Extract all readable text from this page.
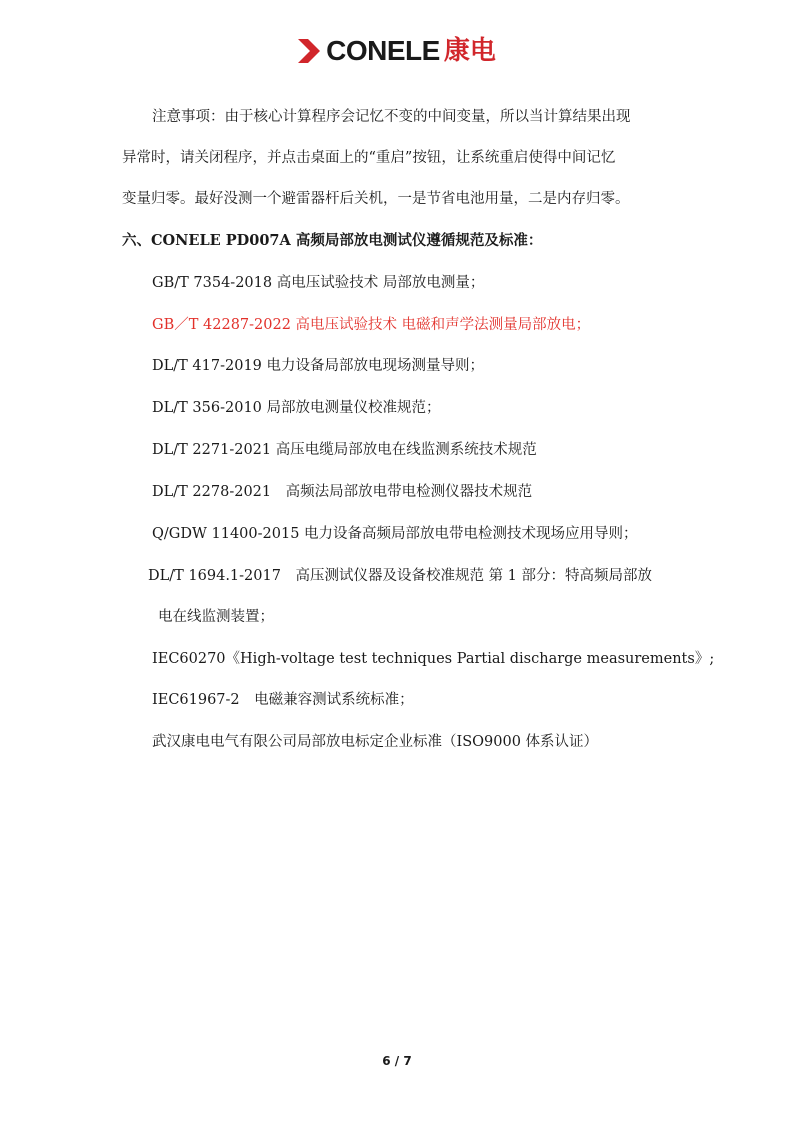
CONELE 康电
注意事项：由于核心计算程序会记忆不变的中间变量，所以当计算结果出现
异常时，请关闭程序，并点击桌面上的“重启”按钮，让系统重启使得中间记忆
变量归零。最好没测一个避雷器杆后关机，一是节省电池用量，二是内存归零。
六、CONELE PD007A 高频局部放电测试仪遵循规范及标准：
GB/T 7354-2018 高电压试验技术 局部放电测量；
GB／T 42287-2022 高电压试验技术 电磁和声学法测量局部放电；
DL/T 417-2019 电力设备局部放电现场测量导则；
DL/T 356-2010 局部放电测量仪校准规范；
DL/T 2271-2021 高压电缆局部放电在线监测系统技术规范
DL/T 2278-2021　高频法局部放电带电检测仪器技术规范
Q/GDW 11400-2015 电力设备高频局部放电带电检测技术现场应用导则；
DL/T 1694.1-2017　高压测试仪器及设备校准规范 第 1 部分：特高频局部放
电在线监测装置；
IEC60270《High-voltage test techniques Partial discharge measurements》;
IEC61967-2　电磁兼容测试系统标准；
武汉康电电气有限公司局部放电标定企业标准（ISO9000 体系认证）
6 / 7
